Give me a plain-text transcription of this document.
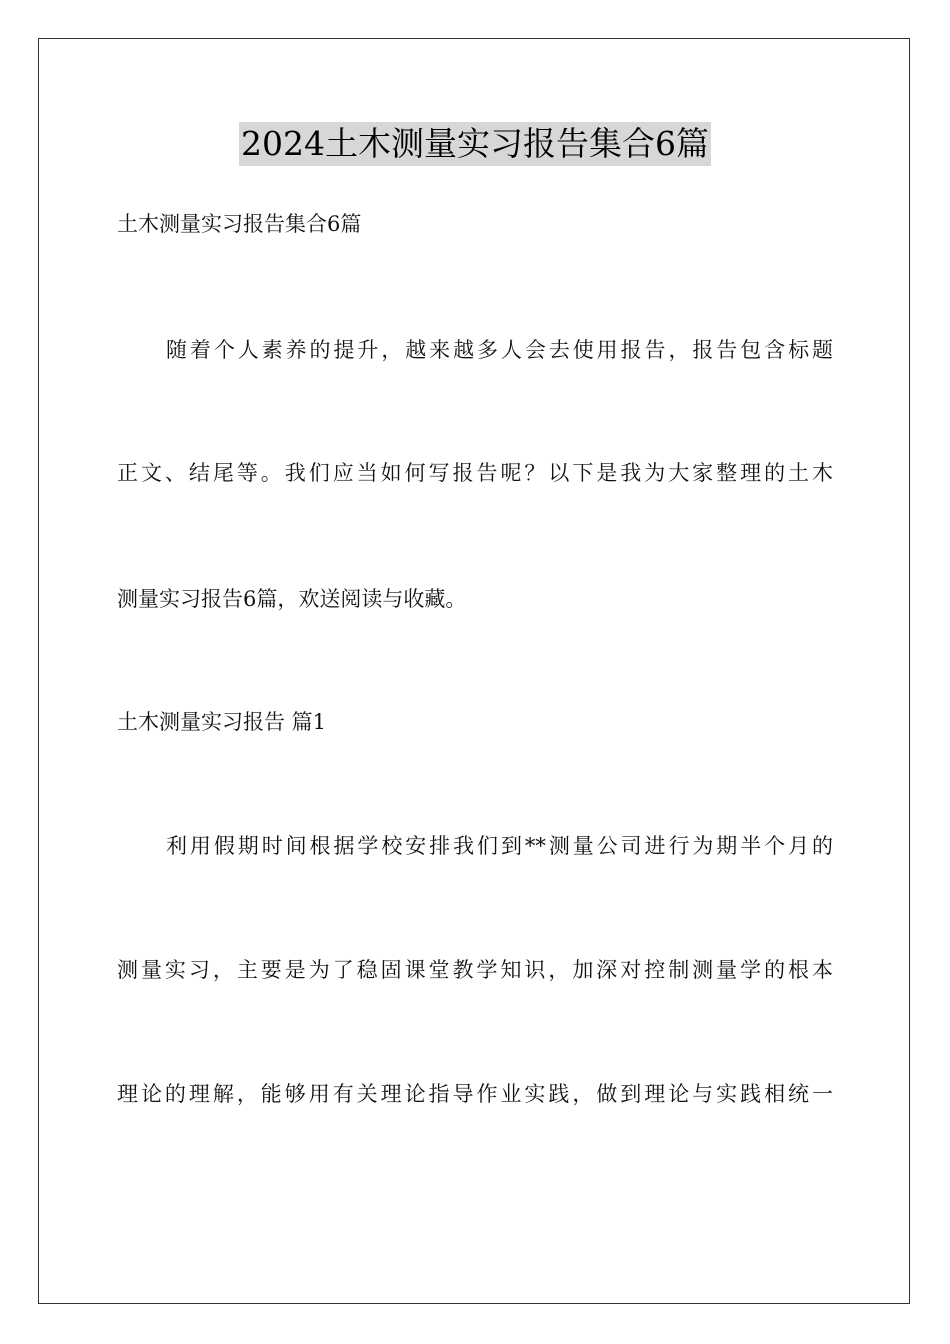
2024土木测量实习报告集合6篇
土木测量实习报告集合6篇
随着个人素养的提升，越来越多人会去使用报告，报告包含标题
正文、结尾等。我们应当如何写报告呢？以下是我为大家整理的土木
测量实习报告6篇，欢送阅读与收藏。
土木测量实习报告 篇1
利用假期时间根据学校安排我们到**测量公司进行为期半个月的
测量实习，主要是为了稳固课堂教学知识，加深对控制测量学的根本
理论的理解，能够用有关理论指导作业实践，做到理论与实践相统一
